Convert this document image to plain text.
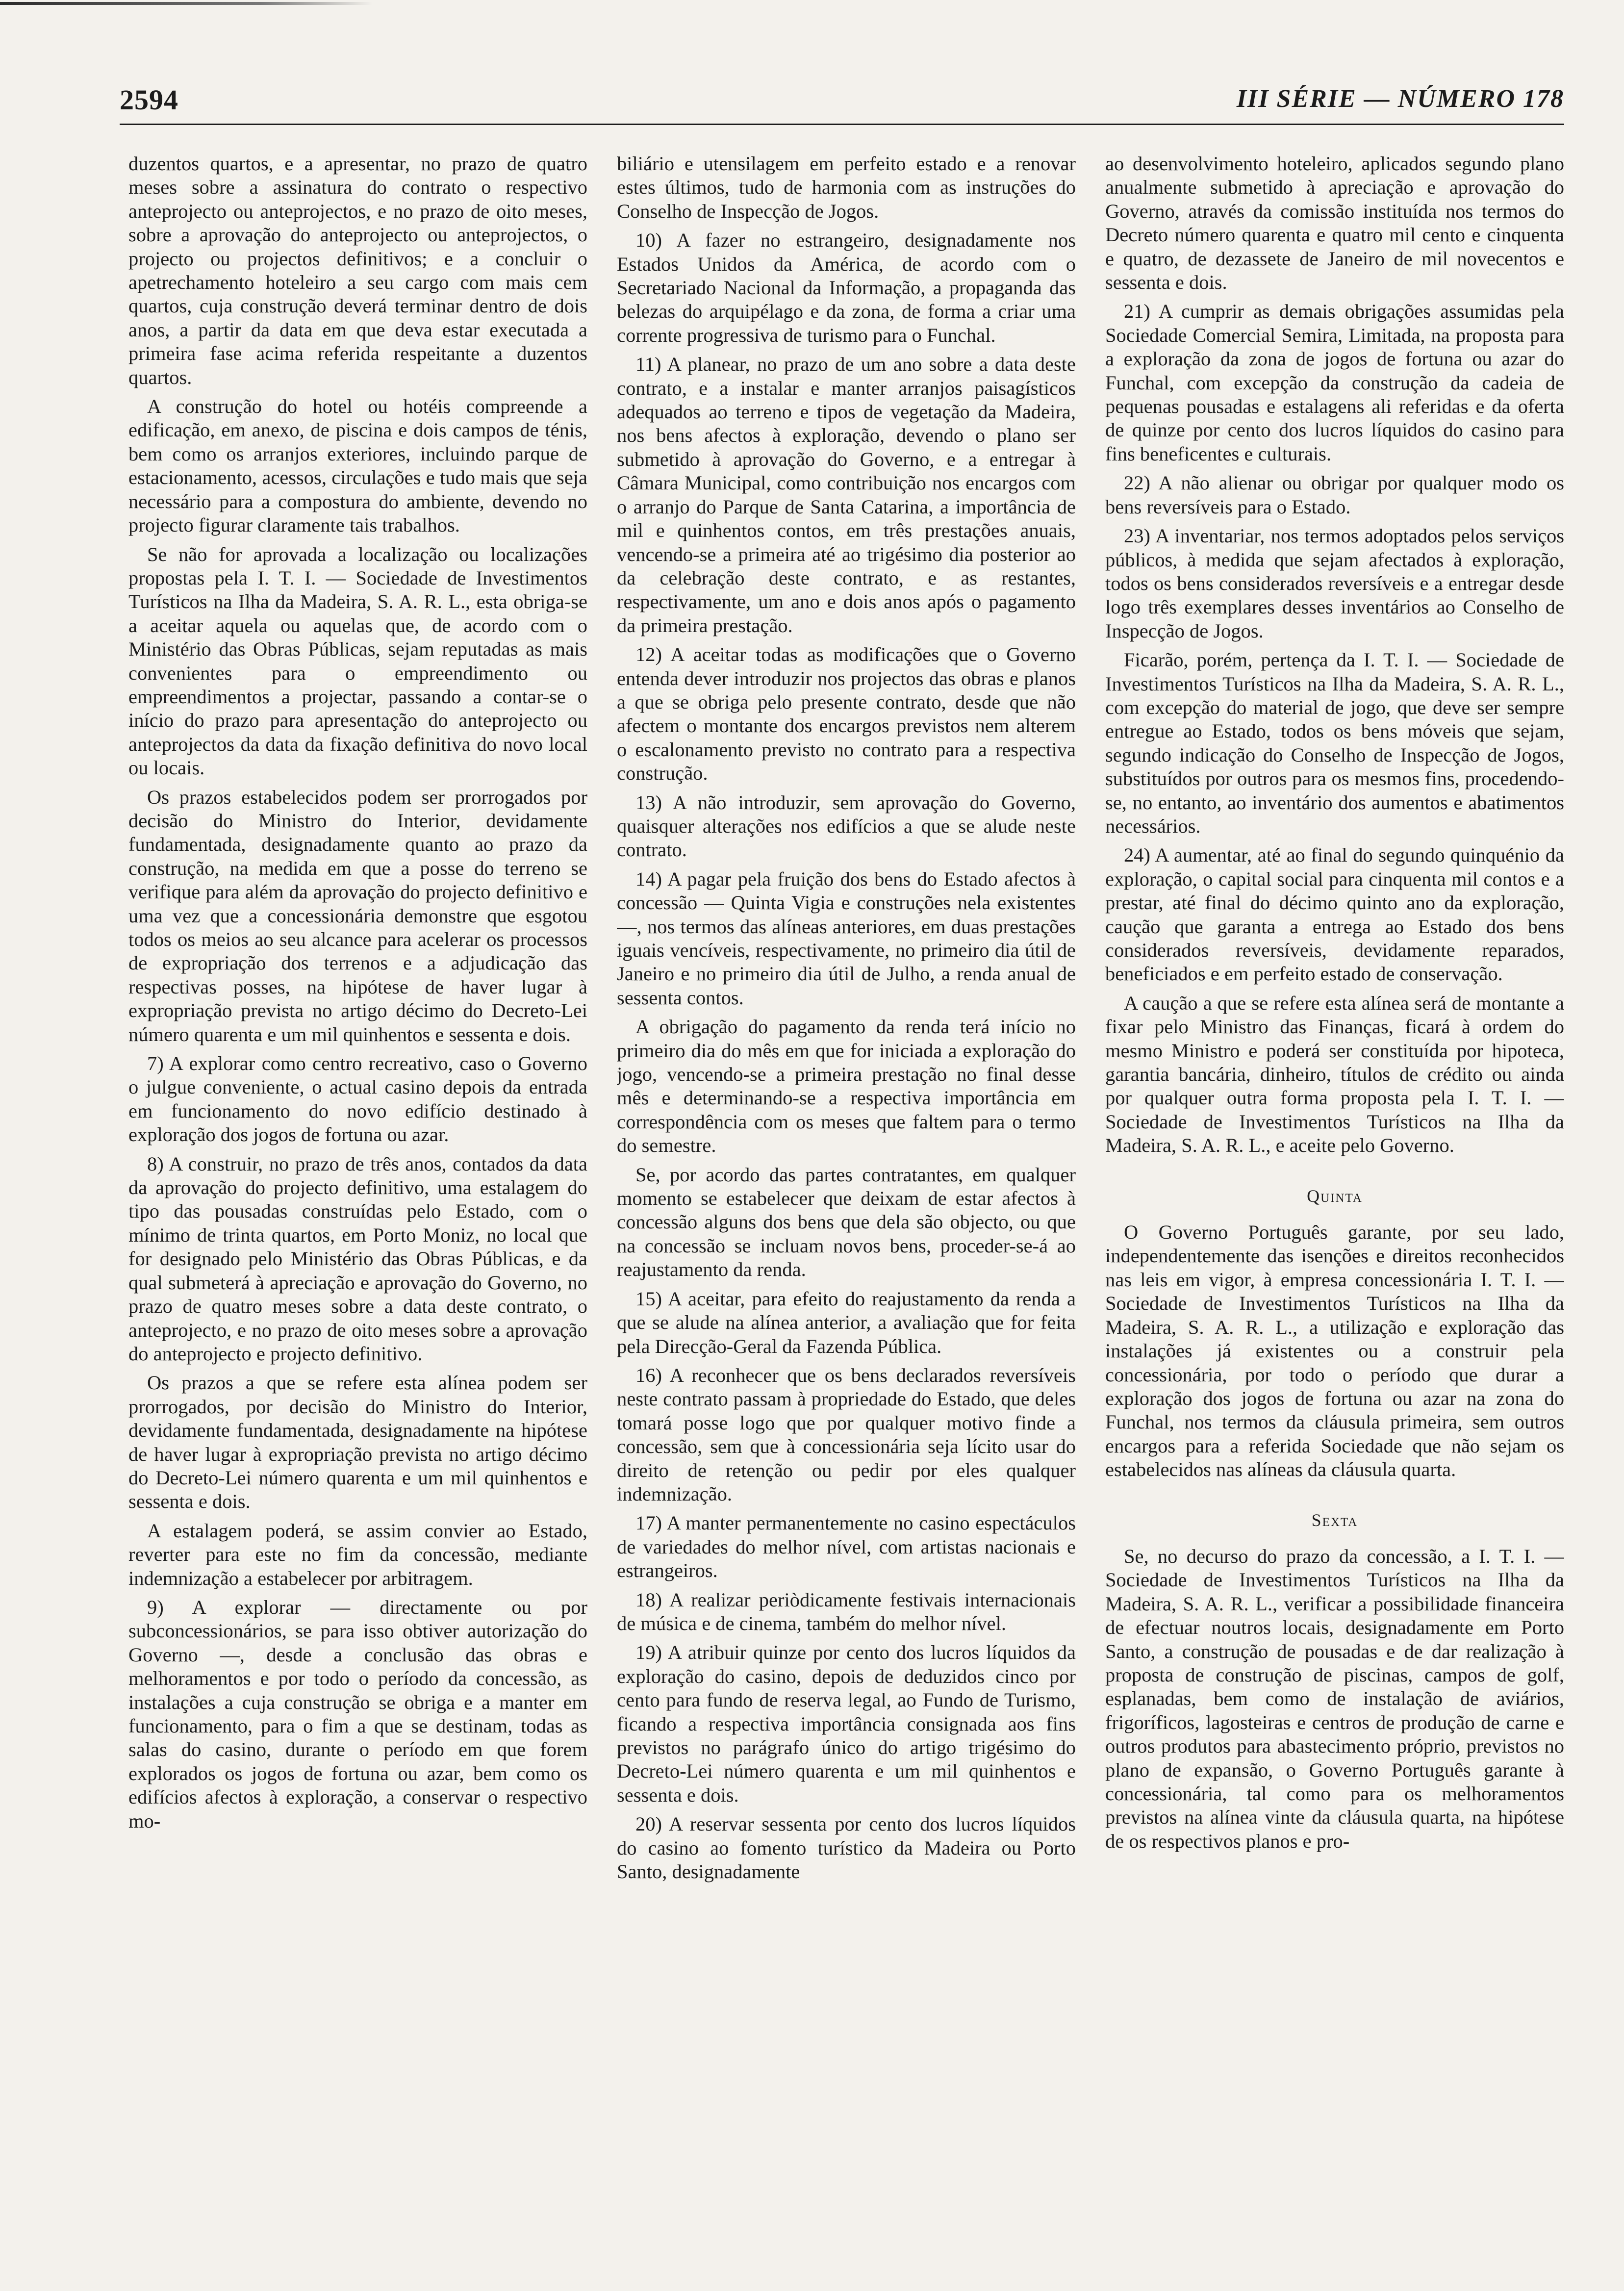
2594	III SÉRIE — NÚMERO 178

duzentos quartos, e a apresentar, no prazo de quatro meses sobre a assinatura do contrato o respectivo anteprojecto ou anteprojectos, e no prazo de oito meses, sobre a aprovação do anteprojecto ou anteprojectos, o projecto ou projectos definitivos; e a concluir o apetrechamento hoteleiro a seu cargo com mais cem quartos, cuja construção deverá terminar dentro de dois anos, a partir da data em que deva estar executada a primeira fase acima referida respeitante a duzentos quartos.

A construção do hotel ou hotéis compreende a edificação, em anexo, de piscina e dois campos de ténis, bem como os arranjos exteriores, incluindo parque de estacionamento, acessos, circulações e tudo mais que seja necessário para a compostura do ambiente, devendo no projecto figurar claramente tais trabalhos.

Se não for aprovada a localização ou localizações propostas pela I. T. I. — Sociedade de Investimentos Turísticos na Ilha da Madeira, S. A. R. L., esta obriga-se a aceitar aquela ou aquelas que, de acordo com o Ministério das Obras Públicas, sejam reputadas as mais convenientes para o empreendimento ou empreendimentos a projectar, passando a contar-se o início do prazo para apresentação do anteprojecto ou anteprojectos da data da fixação definitiva do novo local ou locais.

Os prazos estabelecidos podem ser prorrogados por decisão do Ministro do Interior, devidamente fundamentada, designadamente quanto ao prazo da construção, na medida em que a posse do terreno se verifique para além da aprovação do projecto definitivo e uma vez que a concessionária demonstre que esgotou todos os meios ao seu alcance para acelerar os processos de expropriação dos terrenos e a adjudicação das respectivas posses, na hipótese de haver lugar à expropriação prevista no artigo décimo do Decreto-Lei número quarenta e um mil quinhentos e sessenta e dois.

7) A explorar como centro recreativo, caso o Governo o julgue conveniente, o actual casino depois da entrada em funcionamento do novo edifício destinado à exploração dos jogos de fortuna ou azar.

8) A construir, no prazo de três anos, contados da data da aprovação do projecto definitivo, uma estalagem do tipo das pousadas construídas pelo Estado, com o mínimo de trinta quartos, em Porto Moniz, no local que for designado pelo Ministério das Obras Públicas, e da qual submeterá à apreciação e aprovação do Governo, no prazo de quatro meses sobre a data deste contrato, o anteprojecto, e no prazo de oito meses sobre a aprovação do anteprojecto e projecto definitivo.

Os prazos a que se refere esta alínea podem ser prorrogados, por decisão do Ministro do Interior, devidamente fundamentada, designadamente na hipótese de haver lugar à expropriação prevista no artigo décimo do Decreto-Lei número quarenta e um mil quinhentos e sessenta e dois.

A estalagem poderá, se assim convier ao Estado, reverter para este no fim da concessão, mediante indemnização a estabelecer por arbitragem.

9) A explorar — directamente ou por subconcessionários, se para isso obtiver autorização do Governo —, desde a conclusão das obras e melhoramentos e por todo o período da concessão, as instalações a cuja construção se obriga e a manter em funcionamento, para o fim a que se destinam, todas as salas do casino, durante o período em que forem explorados os jogos de fortuna ou azar, bem como os edifícios afectos à exploração, a conservar o respectivo mo-

biliário e utensilagem em perfeito estado e a renovar estes últimos, tudo de harmonia com as instruções do Conselho de Inspecção de Jogos.

10) A fazer no estrangeiro, designadamente nos Estados Unidos da América, de acordo com o Secretariado Nacional da Informação, a propaganda das belezas do arquipélago e da zona, de forma a criar uma corrente progressiva de turismo para o Funchal.

11) A planear, no prazo de um ano sobre a data deste contrato, e a instalar e manter arranjos paisagísticos adequados ao terreno e tipos de vegetação da Madeira, nos bens afectos à exploração, devendo o plano ser submetido à aprovação do Governo, e a entregar à Câmara Municipal, como contribuição nos encargos com o arranjo do Parque de Santa Catarina, a importância de mil e quinhentos contos, em três prestações anuais, vencendo-se a primeira até ao trigésimo dia posterior ao da celebração deste contrato, e as restantes, respectivamente, um ano e dois anos após o pagamento da primeira prestação.

12) A aceitar todas as modificações que o Governo entenda dever introduzir nos projectos das obras e planos a que se obriga pelo presente contrato, desde que não afectem o montante dos encargos previstos nem alterem o escalonamento previsto no contrato para a respectiva construção.

13) A não introduzir, sem aprovação do Governo, quaisquer alterações nos edifícios a que se alude neste contrato.

14) A pagar pela fruição dos bens do Estado afectos à concessão — Quinta Vigia e construções nela existentes —, nos termos das alíneas anteriores, em duas prestações iguais vencíveis, respectivamente, no primeiro dia útil de Janeiro e no primeiro dia útil de Julho, a renda anual de sessenta contos.

A obrigação do pagamento da renda terá início no primeiro dia do mês em que for iniciada a exploração do jogo, vencendo-se a primeira prestação no final desse mês e determinando-se a respectiva importância em correspondência com os meses que faltem para o termo do semestre.

Se, por acordo das partes contratantes, em qualquer momento se estabelecer que deixam de estar afectos à concessão alguns dos bens que dela são objecto, ou que na concessão se incluam novos bens, proceder-se-á ao reajustamento da renda.

15) A aceitar, para efeito do reajustamento da renda a que se alude na alínea anterior, a avaliação que for feita pela Direcção-Geral da Fazenda Pública.

16) A reconhecer que os bens declarados reversíveis neste contrato passam à propriedade do Estado, que deles tomará posse logo que por qualquer motivo finde a concessão, sem que à concessionária seja lícito usar do direito de retenção ou pedir por eles qualquer indemnização.

17) A manter permanentemente no casino espectáculos de variedades do melhor nível, com artistas nacionais e estrangeiros.

18) A realizar periòdicamente festivais internacionais de música e de cinema, também do melhor nível.

19) A atribuir quinze por cento dos lucros líquidos da exploração do casino, depois de deduzidos cinco por cento para fundo de reserva legal, ao Fundo de Turismo, ficando a respectiva importância consignada aos fins previstos no parágrafo único do artigo trigésimo do Decreto-Lei número quarenta e um mil quinhentos e sessenta e dois.

20) A reservar sessenta por cento dos lucros líquidos do casino ao fomento turístico da Madeira ou Porto Santo, designadamente

ao desenvolvimento hoteleiro, aplicados segundo plano anualmente submetido à apreciação e aprovação do Governo, através da comissão instituída nos termos do Decreto número quarenta e quatro mil cento e cinquenta e quatro, de dezassete de Janeiro de mil novecentos e sessenta e dois.

21) A cumprir as demais obrigações assumidas pela Sociedade Comercial Semira, Limitada, na proposta para a exploração da zona de jogos de fortuna ou azar do Funchal, com excepção da construção da cadeia de pequenas pousadas e estalagens ali referidas e da oferta de quinze por cento dos lucros líquidos do casino para fins beneficentes e culturais.

22) A não alienar ou obrigar por qualquer modo os bens reversíveis para o Estado.

23) A inventariar, nos termos adoptados pelos serviços públicos, à medida que sejam afectados à exploração, todos os bens considerados reversíveis e a entregar desde logo três exemplares desses inventários ao Conselho de Inspecção de Jogos.

Ficarão, porém, pertença da I. T. I. — Sociedade de Investimentos Turísticos na Ilha da Madeira, S. A. R. L., com excepção do material de jogo, que deve ser sempre entregue ao Estado, todos os bens móveis que sejam, segundo indicação do Conselho de Inspecção de Jogos, substituídos por outros para os mesmos fins, procedendo-se, no entanto, ao inventário dos aumentos e abatimentos necessários.

24) A aumentar, até ao final do segundo quinquénio da exploração, o capital social para cinquenta mil contos e a prestar, até final do décimo quinto ano da exploração, caução que garanta a entrega ao Estado dos bens considerados reversíveis, devidamente reparados, beneficiados e em perfeito estado de conservação.

A caução a que se refere esta alínea será de montante a fixar pelo Ministro das Finanças, ficará à ordem do mesmo Ministro e poderá ser constituída por hipoteca, garantia bancária, dinheiro, títulos de crédito ou ainda por qualquer outra forma proposta pela I. T. I. — Sociedade de Investimentos Turísticos na Ilha da Madeira, S. A. R. L., e aceite pelo Governo.

Quinta

O Governo Português garante, por seu lado, independentemente das isenções e direitos reconhecidos nas leis em vigor, à empresa concessionária I. T. I. — Sociedade de Investimentos Turísticos na Ilha da Madeira, S. A. R. L., a utilização e exploração das instalações já existentes ou a construir pela concessionária, por todo o período que durar a exploração dos jogos de fortuna ou azar na zona do Funchal, nos termos da cláusula primeira, sem outros encargos para a referida Sociedade que não sejam os estabelecidos nas alíneas da cláusula quarta.

Sexta

Se, no decurso do prazo da concessão, a I. T. I. — Sociedade de Investimentos Turísticos na Ilha da Madeira, S. A. R. L., verificar a possibilidade financeira de efectuar noutros locais, designadamente em Porto Santo, a construção de pousadas e de dar realização à proposta de construção de piscinas, campos de golf, esplanadas, bem como de instalação de aviários, frigoríficos, lagosteiras e centros de produção de carne e outros produtos para abastecimento próprio, previstos no plano de expansão, o Governo Português garante à concessionária, tal como para os melhoramentos previstos na alínea vinte da cláusula quarta, na hipótese de os respectivos planos e pro-
